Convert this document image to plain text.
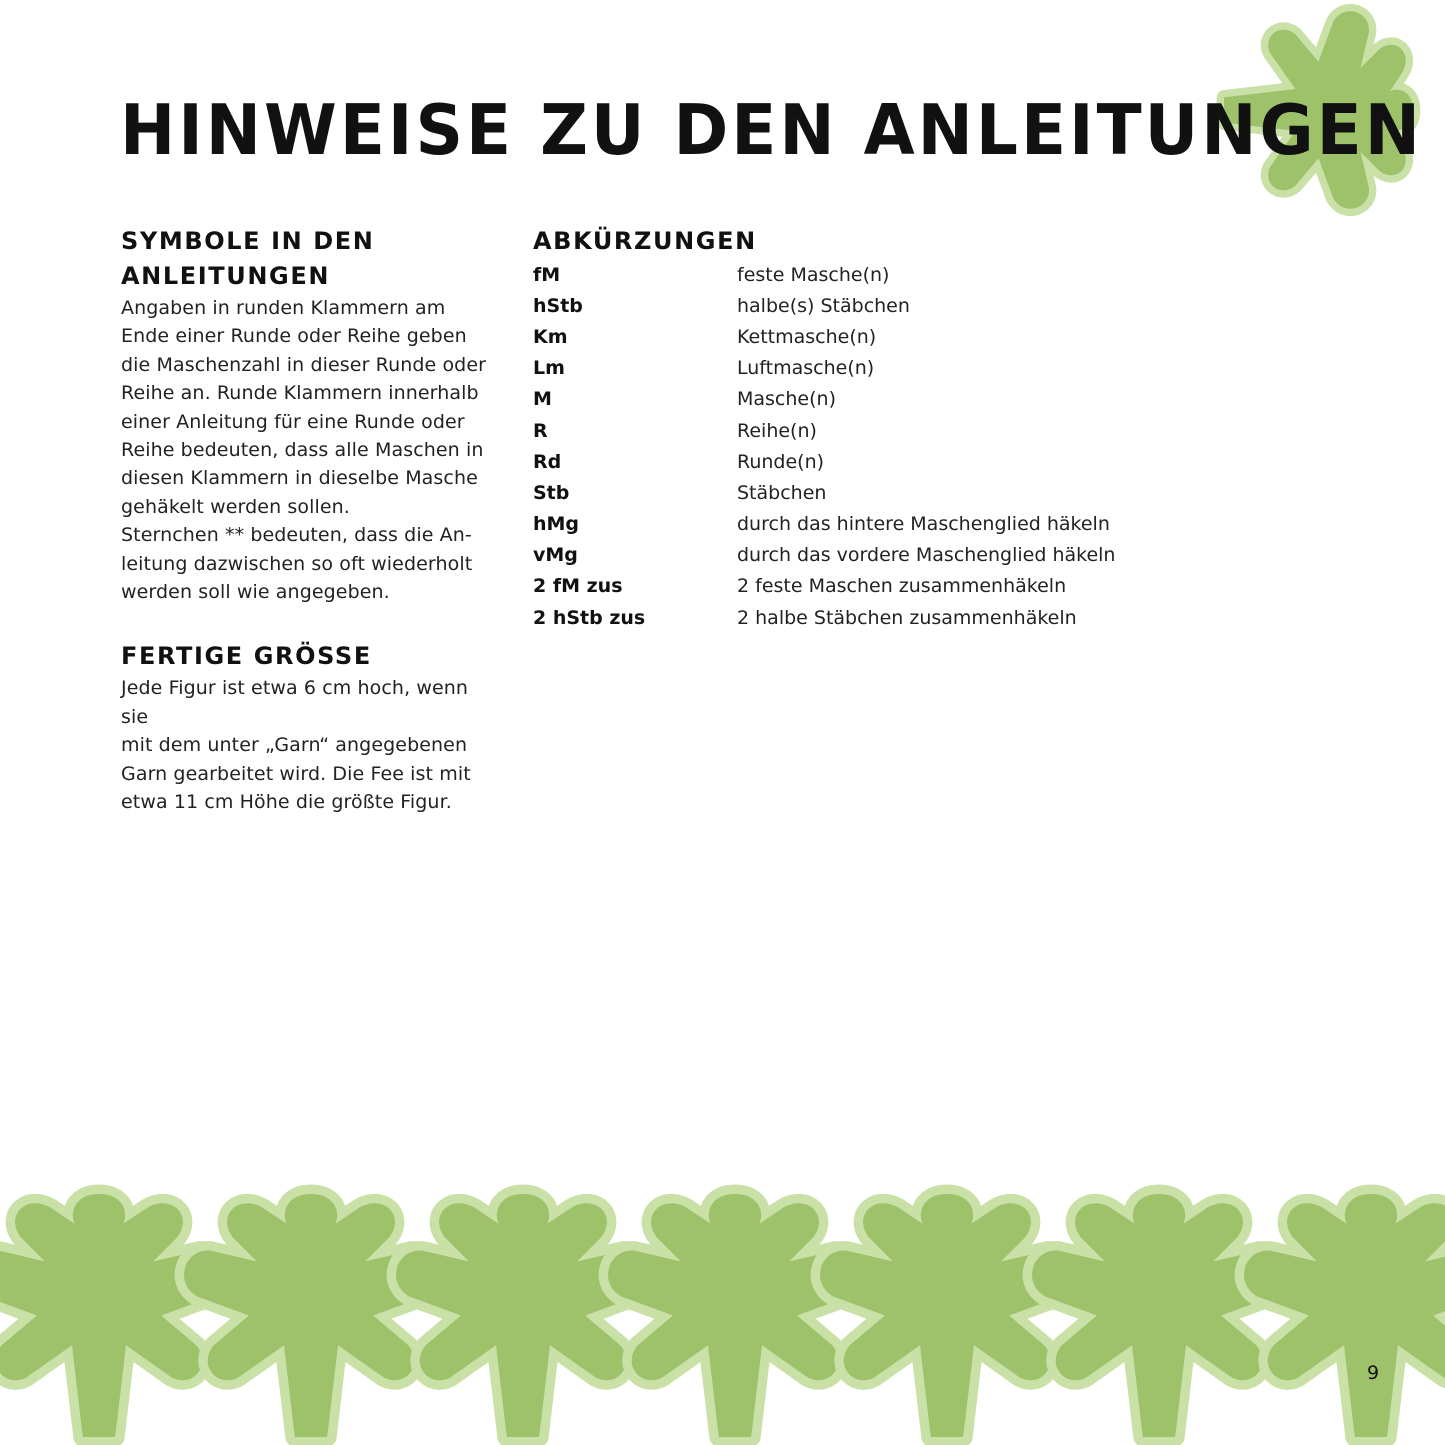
HINWEISE ZU DEN ANLEITUNGEN
SYMBOLE IN DEN
ANLEITUNGEN

Angaben in runden Klammern am
Ende einer Runde oder Reihe geben
die Maschenzahl in dieser Runde oder
Reihe an. Runde Klammern innerhalb
einer Anleitung für eine Runde oder
Reihe bedeuten, dass alle Maschen in
diesen Klammern in dieselbe Masche
gehäkelt werden sollen.
Sternchen ** bedeuten, dass die An-
leitung dazwischen so oft wiederholt
werden soll wie angegeben.

FERTIGE GRÖSSE

Jede Figur ist etwa 6 cm hoch, wenn sie
mit dem unter „Garn“ angegebenen
Garn gearbeitet wird. Die Fee ist mit
etwa 11 cm Höhe die größte Figur.

ABKÜRZUNGEN
fM	feste Masche(n)
hStb	halbe(s) Stäbchen
Km	Kettmasche(n)
Lm	Luftmasche(n)
M	Masche(n)
R	Reihe(n)
Rd	Runde(n)
Stb	Stäbchen
hMg	durch das hintere Maschenglied häkeln
vMg	durch das vordere Maschenglied häkeln
2 fM zus	2 feste Maschen zusammenhäkeln
2 hStb zus	2 halbe Stäbchen zusammenhäkeln
9
